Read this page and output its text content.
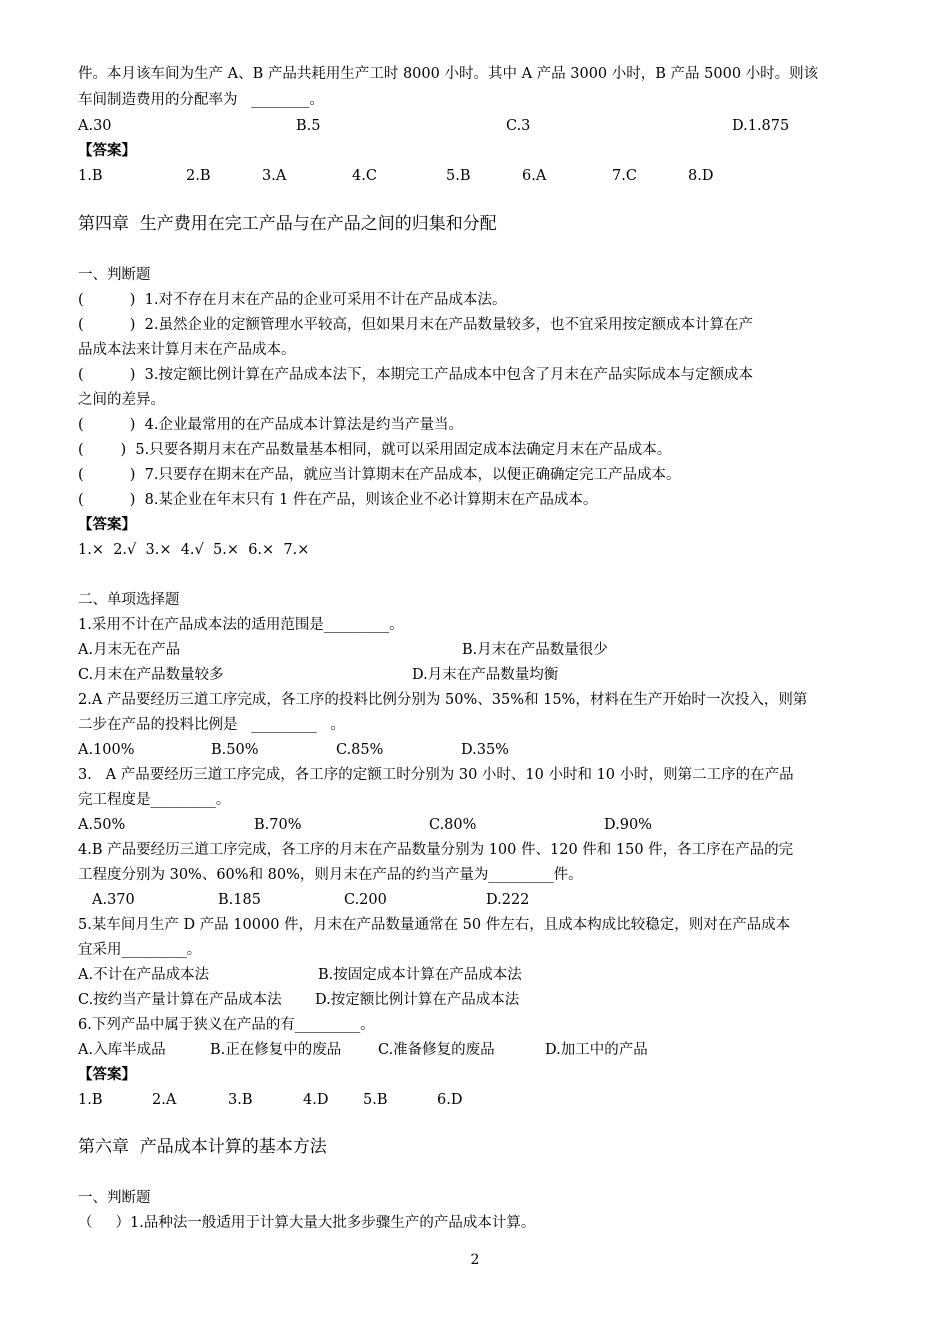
件。本月该车间为生产 A、B 产品共耗用生产工时 8000 小时。其中 A 产品 3000 小时，B 产品 5000 小时。则该
车间制造费用的分配率为   ________。
A.30	B.5	C.3	D.1.875
【答案】
1.B	2.B	3.A	4.C	5.B	6.A	7.C	8.D
第四章  生产费用在完工产品与在产品之间的归集和分配
一、判断题
(          )  1.对不存在月末在产品的企业可采用不计在产品成本法。
(          )  2.虽然企业的定额管理水平较高，但如果月末在产品数量较多，也不宜采用按定额成本计算在产
品成本法来计算月末在产品成本。
(          )  3.按定额比例计算在产品成本法下，本期完工产品成本中包含了月末在产品实际成本与定额成本
之间的差异。
(          )  4.企业最常用的在产品成本计算法是约当产量当。
(        )  5.只要各期月末在产品数量基本相同，就可以采用固定成本法确定月末在产品成本。
(          )  7.只要存在期末在产品，就应当计算期末在产品成本，以便正确确定完工产品成本。
(          )  8.某企业在年末只有 1 件在产品，则该企业不必计算期末在产品成本。
【答案】
1.×  2.√  3.×  4.√  5.×  6.×  7.×
二、单项选择题
1.采用不计在产品成本法的适用范围是_________。
A.月末无在产品	B.月末在产品数量很少
C.月末在产品数量较多	D.月末在产品数量均衡
2.A 产品要经历三道工序完成，各工序的投料比例分别为 50%、35%和 15%，材料在生产开始时一次投入，则第
二步在产品的投料比例是   _________   。
A.100%	B.50%	C.85%	D.35%
3.   A 产品要经历三道工序完成，各工序的定额工时分别为 30 小时、10 小时和 10 小时，则第二工序的在产品
完工程度是_________。
A.50%	B.70%	C.80%	D.90%
4.B 产品要经历三道工序完成，各工序的月末在产品数量分别为 100 件、120 件和 150 件，各工序在产品的完
工程度分别为 30%、60%和 80%，则月末在产品的约当产量为_________件。
A.370	B.185	C.200	D.222
5.某车间月生产 D 产品 10000 件，月末在产品数量通常在 50 件左右，且成本构成比较稳定，则对在产品成本
宜采用_________。
A.不计在产品成本法	B.按固定成本计算在产品成本法
C.按约当产量计算在产品成本法 D.按定额比例计算在产品成本法
6.下列产品中属于狭义在产品的有_________。
A.入库半成品	B.正在修复中的废品	C.准备修复的废品	D.加工中的产品
【答案】
1.B	2.A	3.B	4.D 5.B	6.D
第六章  产品成本计算的基本方法
一、判断题
（     ）1.品种法一般适用于计算大量大批多步骤生产的产品成本计算。
2
